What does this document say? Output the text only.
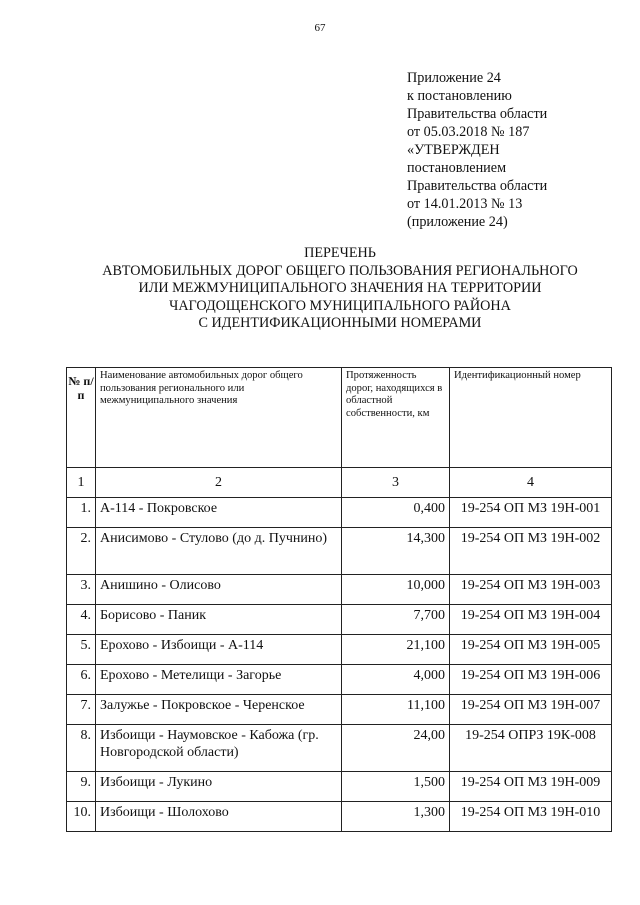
67
Приложение 24
к постановлению
Правительства области
от 05.03.2018 № 187
«УТВЕРЖДЕН
постановлением
Правительства области
от 14.01.2013 № 13
(приложение 24)
ПЕРЕЧЕНЬ
АВТОМОБИЛЬНЫХ ДОРОГ ОБЩЕГО ПОЛЬЗОВАНИЯ РЕГИОНАЛЬНОГО
ИЛИ МЕЖМУНИЦИПАЛЬНОГО ЗНАЧЕНИЯ НА ТЕРРИТОРИИ
ЧАГОДОЩЕНСКОГО МУНИЦИПАЛЬНОГО РАЙОНА
С ИДЕНТИФИКАЦИОННЫМИ НОМЕРАМИ
№ п/п	Наименование автомобильных дорог общего пользования регионального или межмуниципального значения	Протяженность дорог, находящихся в областной собственности, км	Идентификационный номер
1	2	3	4
1.	А-114 - Покровское	0,400	19-254 ОП МЗ 19Н-001
2.	Анисимово - Стулово (до д. Пучнино)	14,300	19-254 ОП МЗ 19Н-002
3.	Анишино - Олисово	10,000	19-254 ОП МЗ 19Н-003
4.	Борисово - Паник	7,700	19-254 ОП МЗ 19Н-004
5.	Ерохово - Избоищи - А-114	21,100	19-254 ОП МЗ 19Н-005
6.	Ерохово - Метелищи - Загорье	4,000	19-254 ОП МЗ 19Н-006
7.	Залужье - Покровское - Черенское	11,100	19-254 ОП МЗ 19Н-007
8.	Избоищи - Наумовское - Кабожа (гр. Новгородской области)	24,00	19-254 ОПРЗ 19К-008
9.	Избоищи - Лукино	1,500	19-254 ОП МЗ 19Н-009
10.	Избоищи - Шолохово	1,300	19-254 ОП МЗ 19Н-010
